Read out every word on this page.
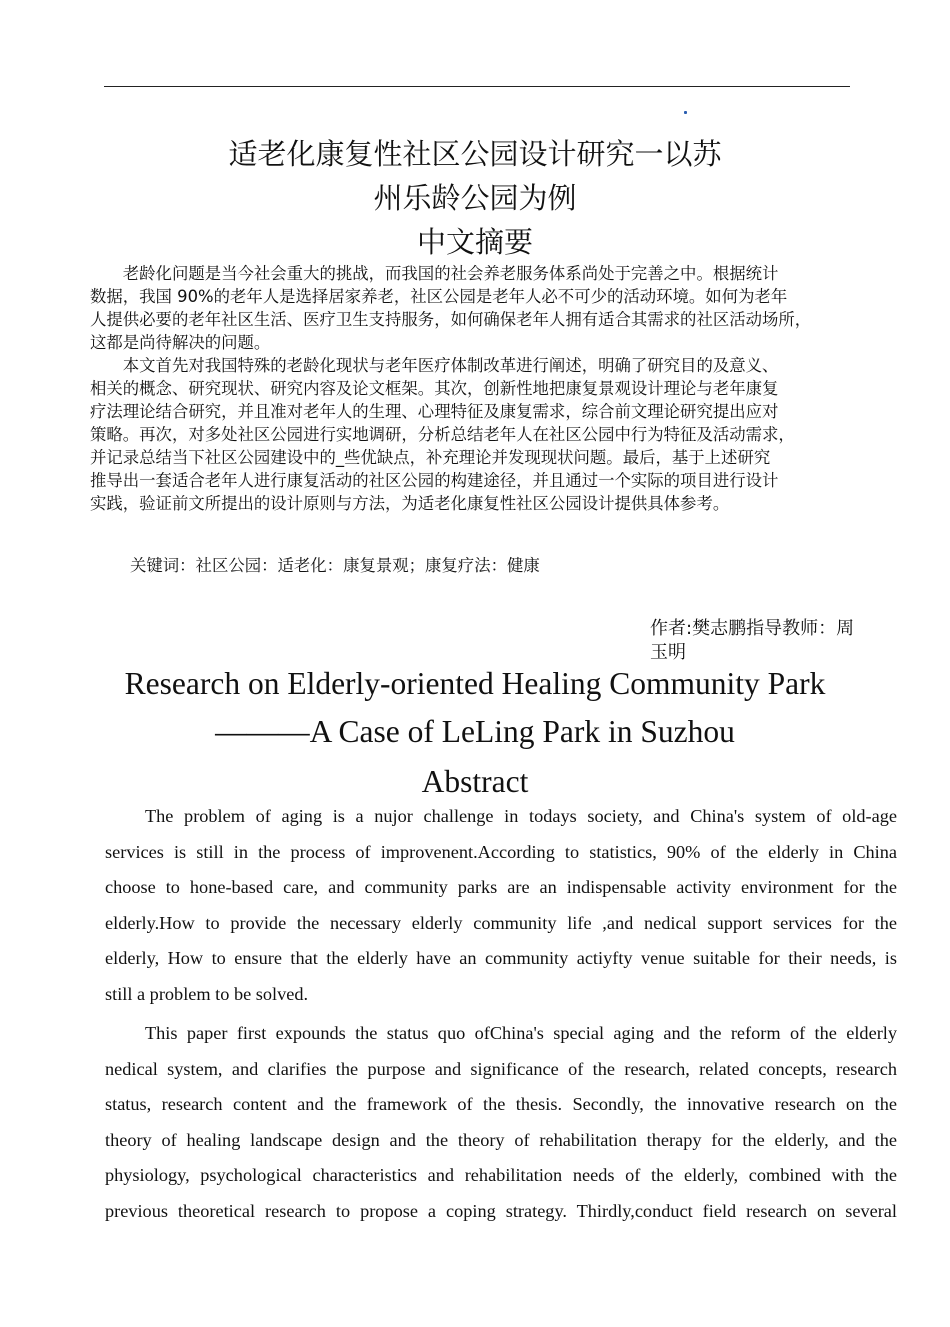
适老化康复性社区公园设计研究一以苏
州乐龄公园为例
中文摘要

　　老龄化问题是当今社会重大的挑战，而我国的社会养老服务体系尚处于完善之中。根据统计
数据，我国 90%的老年人是选择居家养老，社区公园是老年人必不可少的活动环境。如何为老年
人提供必要的老年社区生活、医疗卫生支持服务，如何确保老年人拥有适合其需求的社区活动场所，
这都是尚待解决的问题。

　　本文首先对我国特殊的老龄化现状与老年医疗体制改革进行阐述，明确了研究目的及意义、
相关的概念、研究现状、研究内容及论文框架。其次，创新性地把康复景观设计理论与老年康复
疗法理论结合研究，并且准对老年人的生理、心理特征及康复需求，综合前文理论研究提出应对
策略。再次，对多处社区公园进行实地调研，分析总结老年人在社区公园中行为特征及活动需求，
并记录总结当下社区公园建设中的_些优缺点，补充理论并发现现状问题。最后，基于上述研究
推导出一套适合老年人进行康复活动的社区公园的构建途径，并且通过一个实际的项目进行设计
实践，验证前文所提出的设计原则与方法，为适老化康复性社区公园设计提供具体参考。

关键词：社区公园：适老化：康复景观；康复疗法：健康
作者:樊志鹏指导教师：周
玉明
Research on Elderly-oriented Healing Community Park
———A Case of LeLing Park in Suzhou
Abstract

The problem of aging is a nujor challenge in todays society, and China's system of old-age
services is still in the process of improvenent.According to statistics, 90% of the elderly in China
choose to hone-based care, and community parks are an indispensable activity environment for the
elderly.How to provide the necessary elderly community life ,and nedical support services for the
elderly, How to ensure that the elderly have an community actiyfty venue suitable for their needs, is
still a problem to be solved.

This paper first expounds the status quo ofChina's special aging and the reform of the elderly
nedical system, and clarifies the purpose and significance of the research, related concepts, research
status, research content and the framework of the thesis. Secondly, the innovative research on the
theory of healing landscape design and the theory of rehabilitation therapy for the elderly, and the
physiology, psychological characteristics and rehabilitation needs of the elderly, combined with the
previous theoretical research to propose a coping strategy. Thirdly,conduct field research on several
